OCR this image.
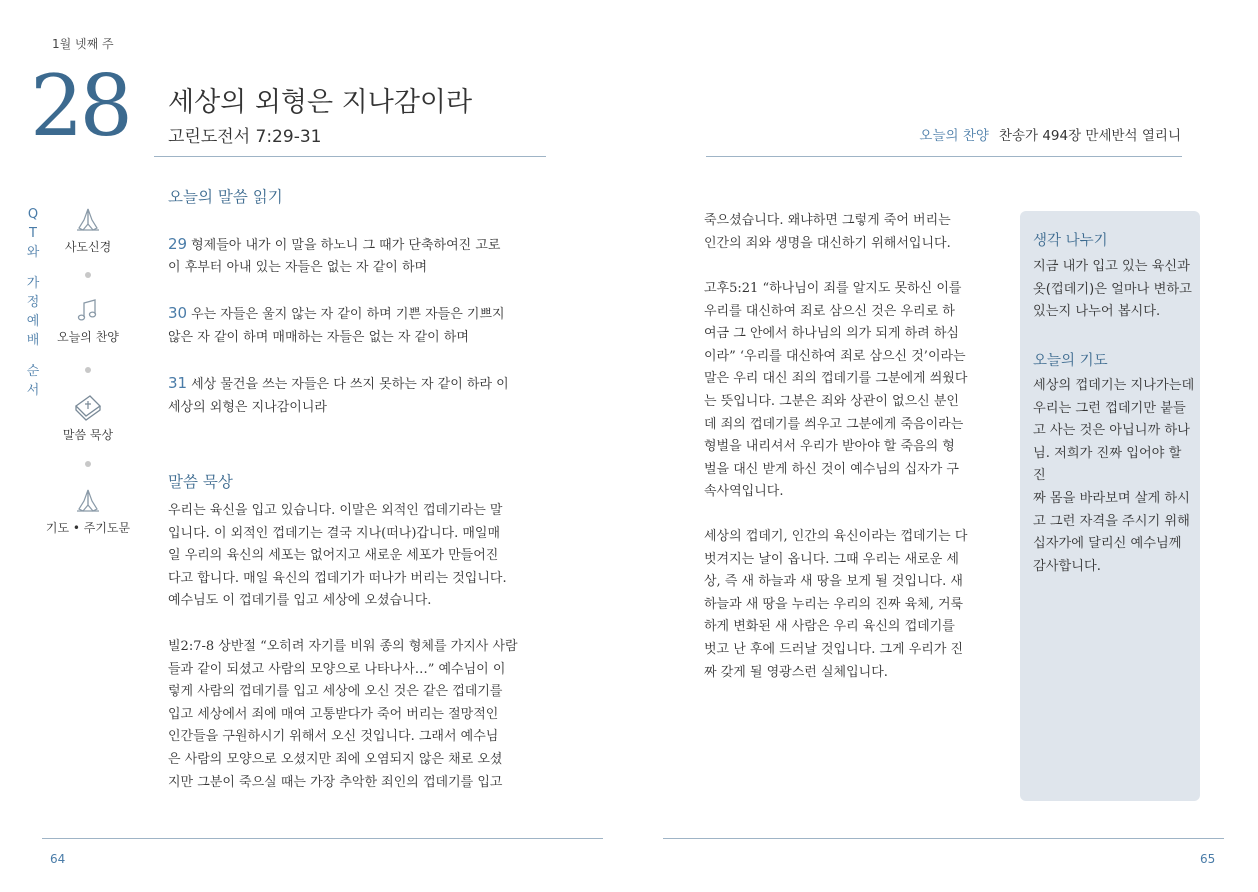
1월 넷째 주
28 세상의 외형은 지나감이라
고린도전서 7:29-31	오늘의 찬양 찬송가 494장 만세반석 열리니
Q
T
와
가
정
예
배
순
서
사도신경
오늘의 찬양
말씀 묵상
기도 • 주기도문
오늘의 말씀 읽기

29 형제들아 내가 이 말을 하노니 그 때가 단축하여진 고로
이 후부터 아내 있는 자들은 없는 자 같이 하며

30 우는 자들은 울지 않는 자 같이 하며 기쁜 자들은 기쁘지
않은 자 같이 하며 매매하는 자들은 없는 자 같이 하며

31 세상 물건을 쓰는 자들은 다 쓰지 못하는 자 같이 하라 이
세상의 외형은 지나감이니라

말씀 묵상
우리는 육신을 입고 있습니다. 이말은 외적인 껍데기라는 말
입니다. 이 외적인 껍데기는 결국 지나(떠나)갑니다. 매일매
일 우리의 육신의 세포는 없어지고 새로운 세포가 만들어진
다고 합니다. 매일 육신의 껍데기가 떠나가 버리는 것입니다.
예수님도 이 껍데기를 입고 세상에 오셨습니다.
빌2:7-8 상반절 “오히려 자기를 비워 종의 형체를 가지사 사람
들과 같이 되셨고 사람의 모양으로 나타나사…” 예수님이 이
렇게 사람의 껍데기를 입고 세상에 오신 것은 같은 껍데기를
입고 세상에서 죄에 매여 고통받다가 죽어 버리는 절망적인
인간들을 구원하시기 위해서 오신 것입니다. 그래서 예수님
은 사람의 모양으로 오셨지만 죄에 오염되지 않은 채로 오셨
지만 그분이 죽으실 때는 가장 추악한 죄인의 껍데기를 입고
죽으셨습니다. 왜냐하면 그렇게 죽어 버리는
인간의 죄와 생명을 대신하기 위해서입니다.
고후5:21 “하나님이 죄를 알지도 못하신 이를
우리를 대신하여 죄로 삼으신 것은 우리로 하
여금 그 안에서 하나님의 의가 되게 하려 하심
이라” ‘우리를 대신하여 죄로 삼으신 것’이라는
말은 우리 대신 죄의 껍데기를 그분에게 씌웠다
는 뜻입니다. 그분은 죄와 상관이 없으신 분인
데 죄의 껍데기를 씌우고 그분에게 죽음이라는
형벌을 내리셔서 우리가 받아야 할 죽음의 형
벌을 대신 받게 하신 것이 예수님의 십자가 구
속사역입니다.
세상의 껍데기, 인간의 육신이라는 껍데기는 다
벗겨지는 날이 옵니다. 그때 우리는 새로운 세
상, 즉 새 하늘과 새 땅을 보게 될 것입니다. 새
하늘과 새 땅을 누리는 우리의 진짜 육체, 거룩
하게 변화된 새 사람은 우리 육신의 껍데기를
벗고 난 후에 드러날 것입니다. 그게 우리가 진
짜 갖게 될 영광스런 실체입니다.
생각 나누기
지금 내가 입고 있는 육신과
옷(껍데기)은 얼마나 변하고
있는지 나누어 봅시다.
오늘의 기도
세상의 껍데기는 지나가는데
우리는 그런 껍데기만 붙들
고 사는 것은 아닙니까 하나
님. 저희가 진짜 입어야 할 진
짜 몸을 바라보며 살게 하시
고 그런 자격을 주시기 위해
십자가에 달리신 예수님께
감사합니다.
64	65
